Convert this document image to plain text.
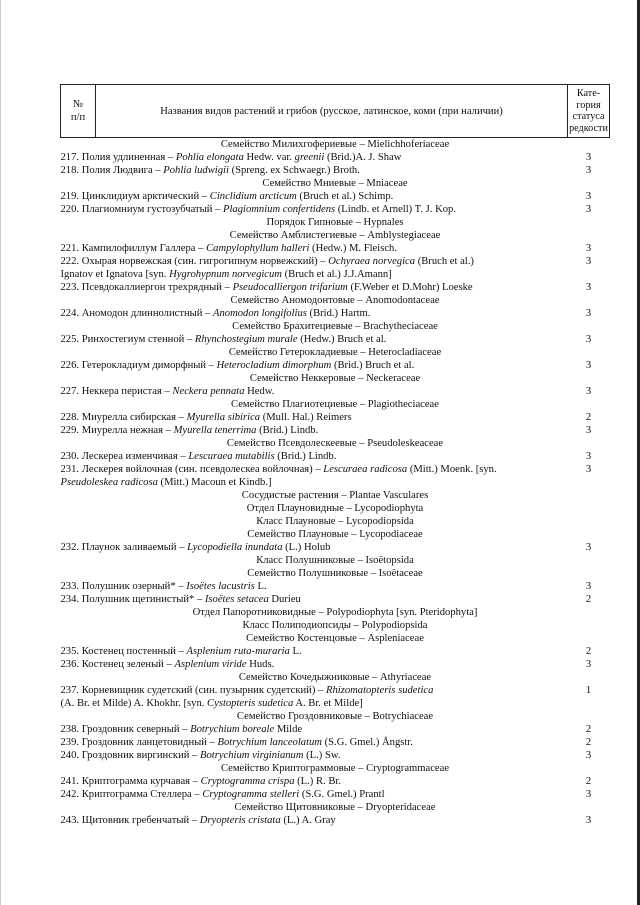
№
п/п	Названия видов растений и грибов (русское, латинское, коми (при наличии)	Кате-
гория
статуса
редкости
Семейство Милихгофериевые – Mielichhoferiaceae		
217. Полия удлиненная – Pohlia elongata Hedw. var. greenii (Brid.)A. J. Shaw		3
218. Полия Людвига – Pohlia ludwigii (Spreng. ex Schwaegr.) Broth.		3
Семейство Мниевые – Mniaceae		
219. Цинклидиум арктический – Cinclidium arcticum (Bruch et al.) Schimp.		3
220. Плагиомниум густозубчатый – Plagiomnium confertidens (Lindb. et Arnell) T. J. Kop.		3
Порядок Гипновые – Hypnales		
Семейство Амблистегиевые – Amblystegiaceae		
221. Кампилофиллум Галлера – Campylophyllum halleri (Hedw.) M. Fleisch.		3
222. Охырая норвежская (син. гигрогипнум норвежский) – Ochyraea norvegica (Bruch et al.)
Ignatov et Ignatova [syn. Hygrohypnum norvegicum (Bruch et al.) J.J.Amann]		3
223. Псевдокаллиергон трехрядный – Pseudocalliergon trifarium (F.Weber et D.Mohr) Loeske		3
Семейство Аномодонтовые – Anomodontaceae		
224. Аномодон длиннолистный – Anomodon longifolius (Brid.) Hartm.		3
Семейство Брахитециевые – Brachytheciaceae		
225. Ринхостегиум стенной – Rhynchostegium murale (Hedw.) Bruch et al.		3
Семейство Гетерокладиевые – Heterocladiaceae		
226. Гетерокладиум диморфный – Heterocladium dimorphum (Brid.) Bruch et al.		3
Семейство Неккеровые – Neckeraceae		
227. Неккера перистая – Neckera pennata Hedw.		3
Семейство Плагиотециевые – Plagiotheciaceae		
228. Миурелла сибирская – Myurella sibirica (Mull. Hal.) Reimers		2
229. Миурелла нежная – Myurella tenerrima (Brid.) Lindb.		3
Семейство Псевдолескеевые – Pseudoleskeaceae		
230. Лескереа изменчивая – Lescuraea mutabilis (Brid.) Lindb.		3
231. Лескерея войлочная (син. псевдолескеа войлочная) – Lescuraea radicosa (Mitt.) Moenk. [syn.
Pseudoleskea radicosa (Mitt.) Macoun et Kindb.]		3
Сосудистые растения – Plantae Vasculares		
Отдел Плауновидные – Lycopodiophyta		
Класс Плауновые – Lycopodiopsida		
Семейство Плауновые – Lycopodiaceae		
232. Плаунок заливаемый – Lycopodiella inundata (L.) Holub		3
Класс Полушниковые – Isoëtopsida		
Семейство Полушниковые – Isoëtaceae		
233. Полушник озерный* – Isoëtes lacustris L.		3
234. Полушник щетинистый* – Isoëtes setacea Durieu		2
Отдел Папоротниковидные – Polypodiophyta [syn. Pteridophyta]		
Класс Полиподиопсиды – Polypodiopsida		
Семейство Костенцовые – Aspleniaceae		
235. Костенец постенный – Asplenium ruta-muraria L.		2
236. Костенец зеленый – Asplenium viride Huds.		3
Семейство Кочедыжниковые – Athyriaceae		
237. Корневищник судетский (син. пузырник судетский) – Rhizomatopteris sudetica
(A. Br. et Milde) A. Khokhr. [syn. Cystopteris sudetica A. Br. et Milde]		1
Семейство Гроздовниковые – Botrychiaceae		
238. Гроздовник северный – Botrychium boreale Milde		2
239. Гроздовник ланцетовидный – Botrychium lanceolatum (S.G. Gmel.) Ångstr.		2
240. Гроздовник виргинский – Botrychium virginianum (L.) Sw.		3
Семейство Криптограммовые – Cryptogrammaceae		
241. Криптограмма курчавая – Cryptogramma crispa (L.) R. Br.		2
242. Криптограмма Стеллера – Cryptogramma stelleri (S.G. Gmel.) Prantl		3
Семейство Щитовниковые – Dryopteridaceae		
243. Щитовник гребенчатый – Dryopteris cristata (L.) A. Gray		3
